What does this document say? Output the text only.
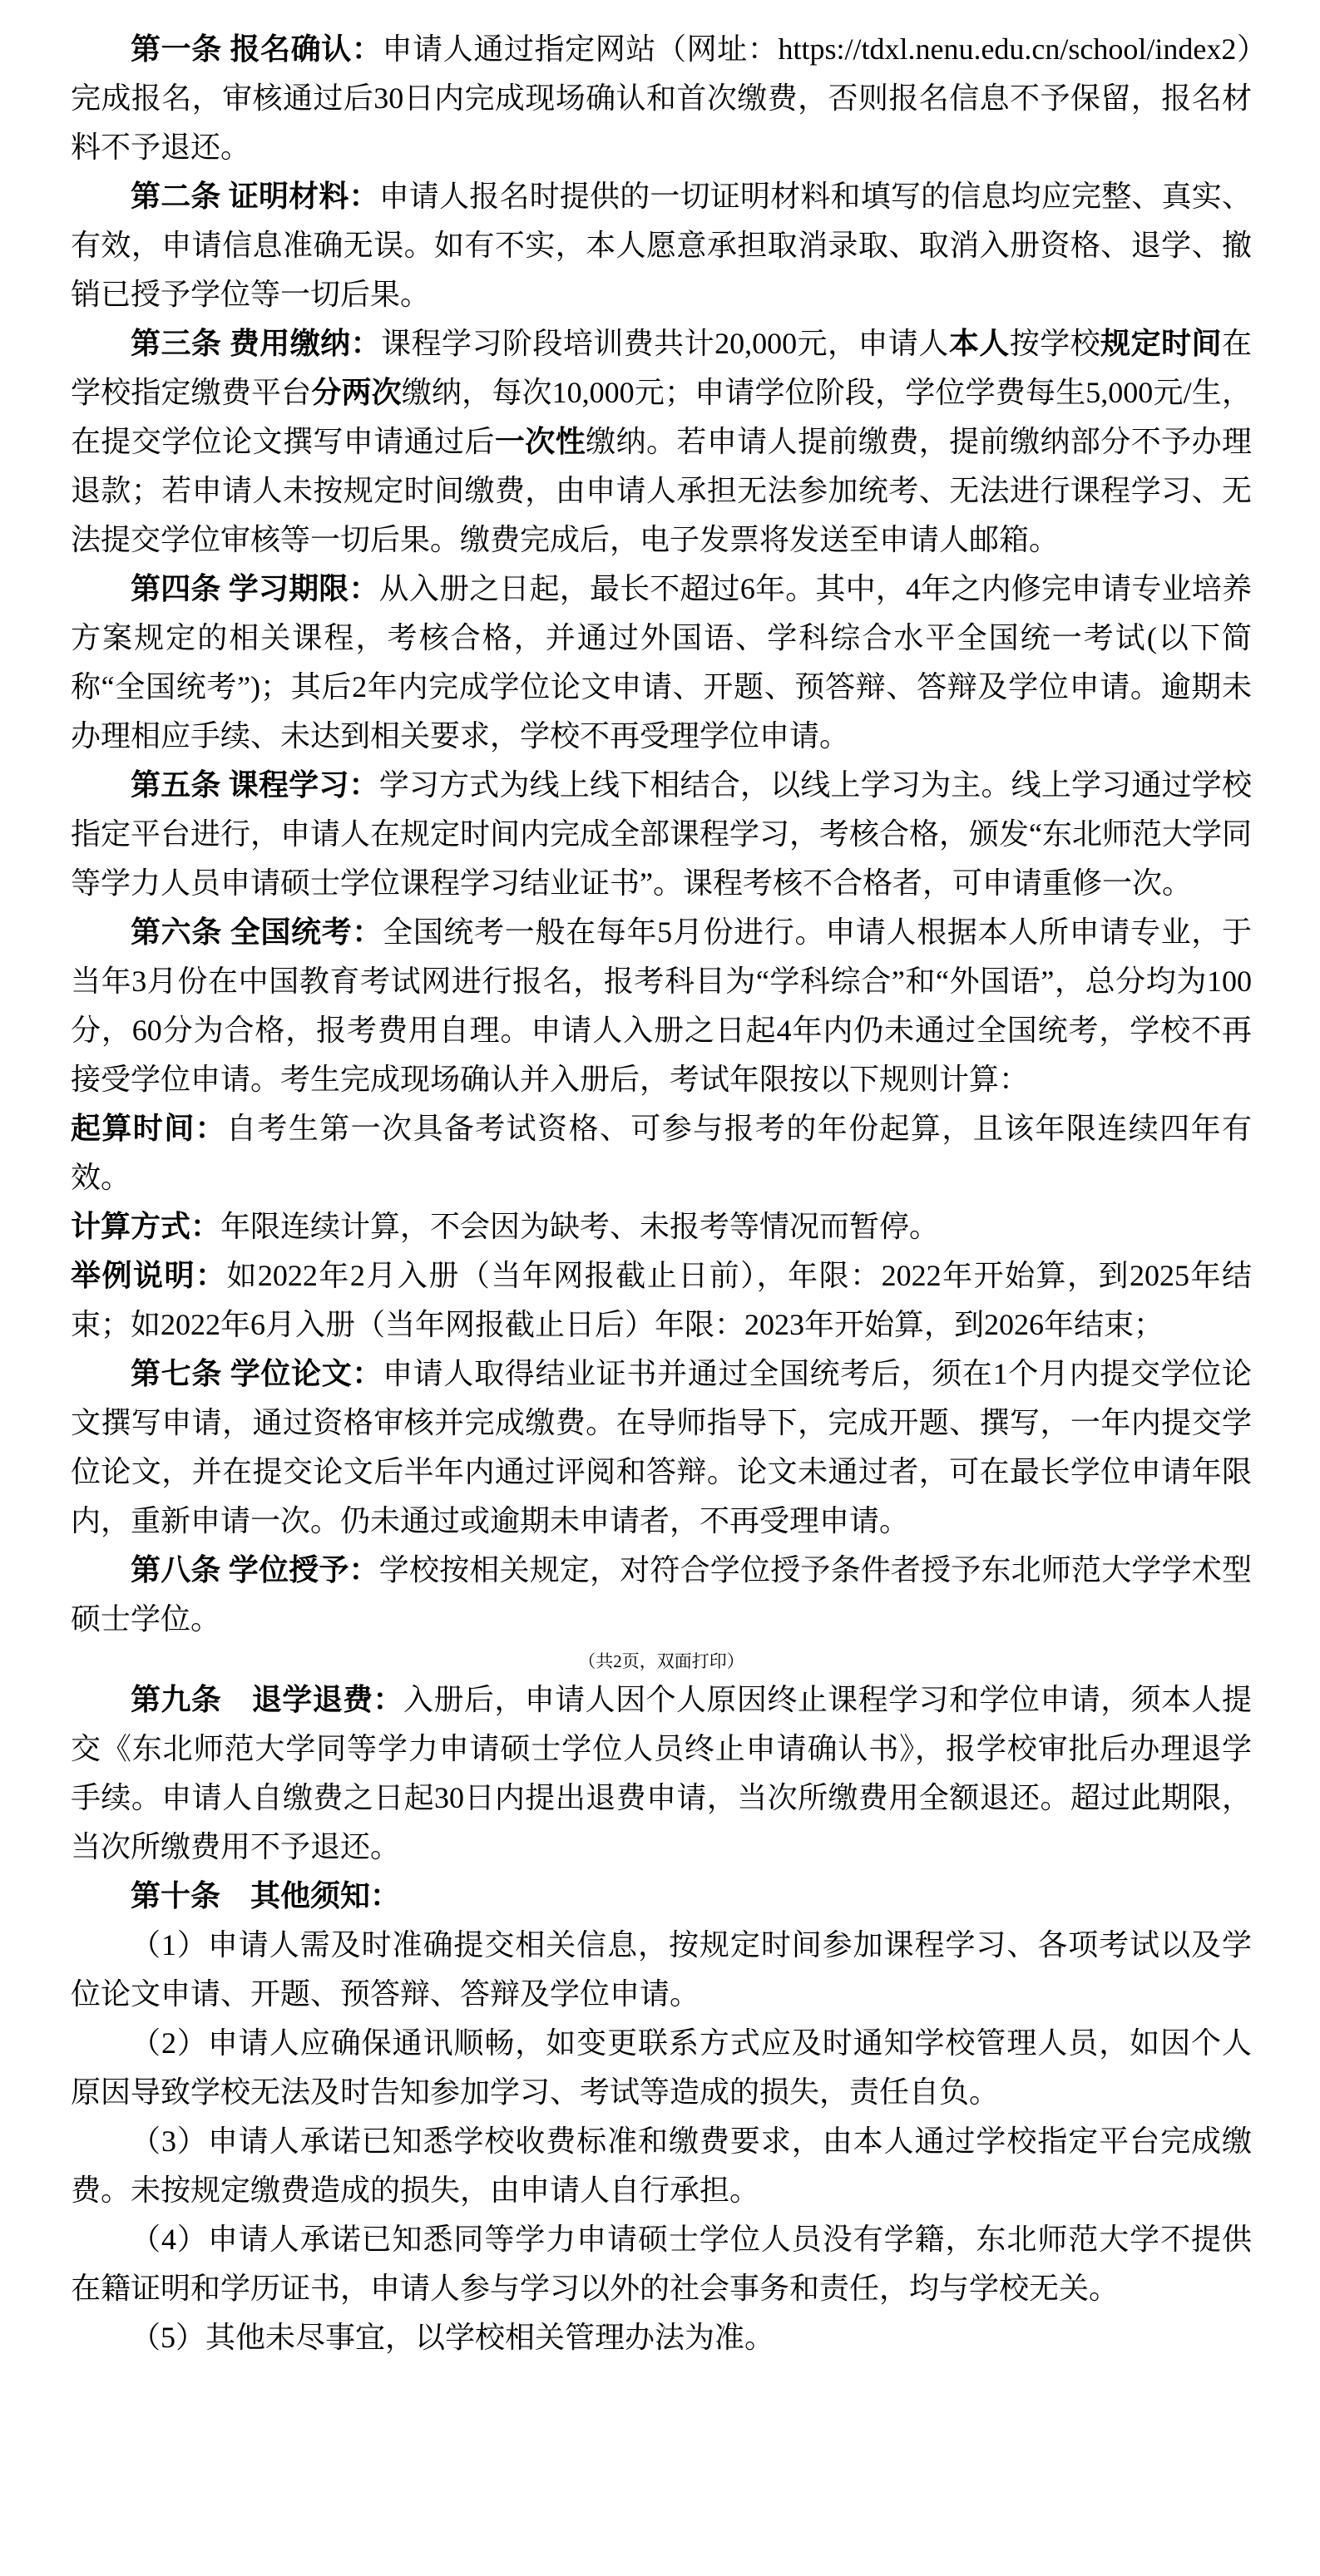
第一条 报名确认：申请人通过指定网站（网址：https://tdxl.nenu.edu.cn/school/index2）完成报名，审核通过后30日内完成现场确认和首次缴费，否则报名信息不予保留，报名材料不予退还。

第二条 证明材料：申请人报名时提供的一切证明材料和填写的信息均应完整、真实、有效，申请信息准确无误。如有不实，本人愿意承担取消录取、取消入册资格、退学、撤销已授予学位等一切后果。

第三条 费用缴纳：课程学习阶段培训费共计20,000元，申请人本人按学校规定时间在学校指定缴费平台分两次缴纳，每次10,000元；申请学位阶段，学位学费每生5,000元/生，在提交学位论文撰写申请通过后一次性缴纳。若申请人提前缴费，提前缴纳部分不予办理退款；若申请人未按规定时间缴费，由申请人承担无法参加统考、无法进行课程学习、无法提交学位审核等一切后果。缴费完成后，电子发票将发送至申请人邮箱。

第四条 学习期限：从入册之日起，最长不超过6年。其中，4年之内修完申请专业培养方案规定的相关课程，考核合格，并通过外国语、学科综合水平全国统一考试(以下简称“全国统考”)；其后2年内完成学位论文申请、开题、预答辩、答辩及学位申请。逾期未办理相应手续、未达到相关要求，学校不再受理学位申请。

第五条 课程学习：学习方式为线上线下相结合，以线上学习为主。线上学习通过学校指定平台进行，申请人在规定时间内完成全部课程学习，考核合格，颁发“东北师范大学同等学力人员申请硕士学位课程学习结业证书”。课程考核不合格者，可申请重修一次。

第六条 全国统考：全国统考一般在每年5月份进行。申请人根据本人所申请专业，于当年3月份在中国教育考试网进行报名，报考科目为“学科综合”和“外国语”，总分均为100分，60分为合格，报考费用自理。申请人入册之日起4年内仍未通过全国统考，学校不再接受学位申请。考生完成现场确认并入册后，考试年限按以下规则计算：

起算时间：自考生第一次具备考试资格、可参与报考的年份起算，且该年限连续四年有效。

计算方式：年限连续计算，不会因为缺考、未报考等情况而暂停。

举例说明：如2022年2月入册（当年网报截止日前），年限：2022年开始算，到2025年结束；如2022年6月入册（当年网报截止日后）年限：2023年开始算，到2026年结束；

第七条 学位论文：申请人取得结业证书并通过全国统考后，须在1个月内提交学位论文撰写申请，通过资格审核并完成缴费。在导师指导下，完成开题、撰写，一年内提交学位论文，并在提交论文后半年内通过评阅和答辩。论文未通过者，可在最长学位申请年限内，重新申请一次。仍未通过或逾期未申请者，不再受理申请。

第八条 学位授予：学校按相关规定，对符合学位授予条件者授予东北师范大学学术型硕士学位。

（共2页，双面打印）

第九条　退学退费：入册后，申请人因个人原因终止课程学习和学位申请，须本人提交《东北师范大学同等学力申请硕士学位人员终止申请确认书》，报学校审批后办理退学手续。申请人自缴费之日起30日内提出退费申请，当次所缴费用全额退还。超过此期限，当次所缴费用不予退还。

第十条　其他须知：

（1）申请人需及时准确提交相关信息，按规定时间参加课程学习、各项考试以及学位论文申请、开题、预答辩、答辩及学位申请。

（2）申请人应确保通讯顺畅，如变更联系方式应及时通知学校管理人员，如因个人原因导致学校无法及时告知参加学习、考试等造成的损失，责任自负。

（3）申请人承诺已知悉学校收费标准和缴费要求，由本人通过学校指定平台完成缴费。未按规定缴费造成的损失，由申请人自行承担。

（4）申请人承诺已知悉同等学力申请硕士学位人员没有学籍，东北师范大学不提供在籍证明和学历证书，申请人参与学习以外的社会事务和责任，均与学校无关。

（5）其他未尽事宜，以学校相关管理办法为准。
